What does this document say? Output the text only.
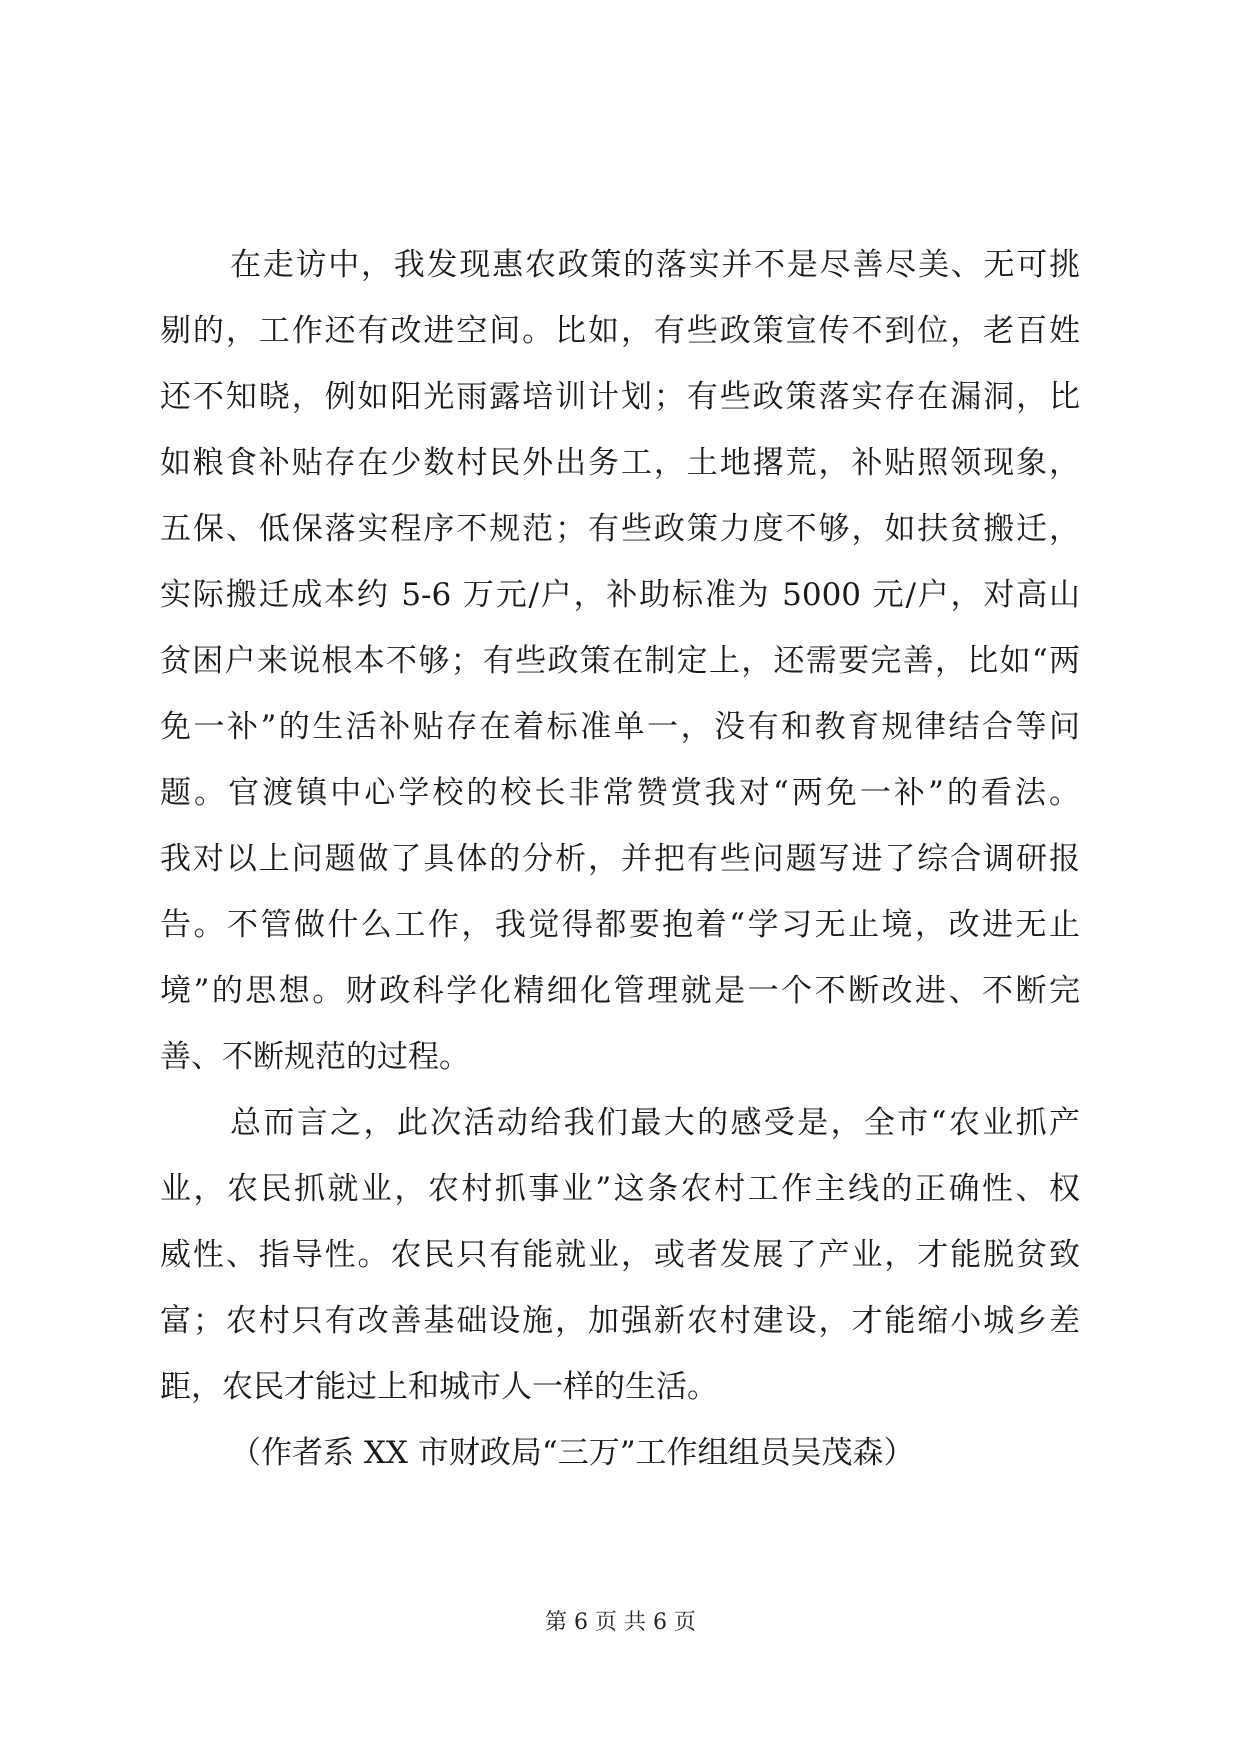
在走访中，我发现惠农政策的落实并不是尽善尽美、无可挑
剔的，工作还有改进空间。比如，有些政策宣传不到位，老百姓
还不知晓，例如阳光雨露培训计划；有些政策落实存在漏洞，比
如粮食补贴存在少数村民外出务工，土地撂荒，补贴照领现象，
五保、低保落实程序不规范；有些政策力度不够，如扶贫搬迁，
实际搬迁成本约 5-6 万元/户，补助标准为 5000 元/户，对高山
贫困户来说根本不够；有些政策在制定上，还需要完善，比如“两
免一补”的生活补贴存在着标准单一，没有和教育规律结合等问
题。官渡镇中心学校的校长非常赞赏我对“两免一补”的看法。
我对以上问题做了具体的分析，并把有些问题写进了综合调研报
告。不管做什么工作，我觉得都要抱着“学习无止境，改进无止
境”的思想。财政科学化精细化管理就是一个不断改进、不断完
善、不断规范的过程。
总而言之，此次活动给我们最大的感受是，全市“农业抓产
业，农民抓就业，农村抓事业”这条农村工作主线的正确性、权
威性、指导性。农民只有能就业，或者发展了产业，才能脱贫致
富；农村只有改善基础设施，加强新农村建设，才能缩小城乡差
距，农民才能过上和城市人一样的生活。
（作者系 XX 市财政局“三万”工作组组员吴茂森）
第 6 页 共 6 页
